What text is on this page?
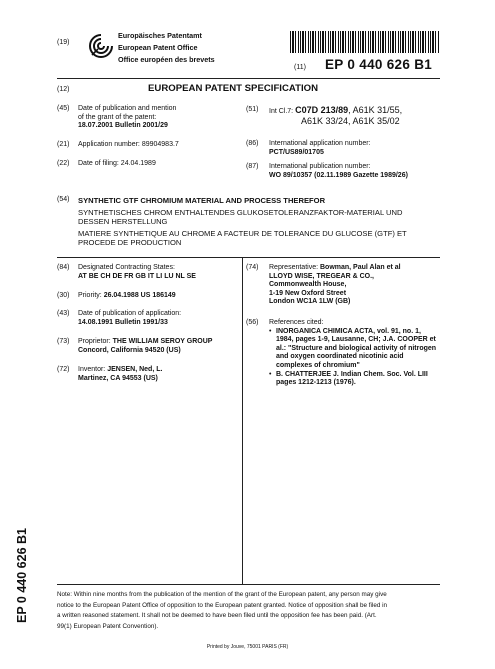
(19)
Europäisches Patentamt
European Patent Office
Office européen des brevets
(11) EP 0 440 626 B1
(12)	EUROPEAN PATENT SPECIFICATION
(45) Date of publication and mention
of the grant of the patent:
18.07.2001 Bulletin 2001/29
(21) Application number: 89904983.7
(22) Date of filing: 24.04.1989
(51) Int Cl.7: C07D 213/89, A61K 31/55,
A61K 33/24, A61K 35/02
(86) International application number:
PCT/US89/01705
(87) International publication number:
WO 89/10357 (02.11.1989 Gazette 1989/26)
(54) SYNTHETIC GTF CHROMIUM MATERIAL AND PROCESS THEREFOR
SYNTHETISCHES CHROM ENTHALTENDES GLUKOSETOLERANZFAKTOR-MATERIAL UND
DESSEN HERSTELLUNG
MATIERE SYNTHETIQUE AU CHROME A FACTEUR DE TOLERANCE DU GLUCOSE (GTF) ET
PROCEDE DE PRODUCTION
(84) Designated Contracting States:
AT BE CH DE FR GB IT LI LU NL SE
(30) Priority: 26.04.1988 US 186149
(43) Date of publication of application:
14.08.1991 Bulletin 1991/33
(73) Proprietor: THE WILLIAM SEROY GROUP
Concord, California 94520 (US)
(72) Inventor: JENSEN, Ned, L.
Martinez, CA 94553 (US)
(74) Representative: Bowman, Paul Alan et al
LLOYD WISE, TREGEAR & CO.,
Commonwealth House,
1-19 New Oxford Street
London WC1A 1LW (GB)
(56) References cited:
• INORGANICA CHIMICA ACTA, vol. 91, no. 1,
1984, pages 1-9, Lausanne, CH; J.A. COOPER et
al.: "Structure and biological activity of nitrogen
and oxygen coordinated nicotinic acid
complexes of chromium"
• B. CHATTERJEE J. Indian Chem. Soc. Vol. LIII
pages 1212-1213 (1976).
EP 0 440 626 B1	Note: Within nine months from the publication of the mention of the grant of the European patent, any person may give
notice to the European Patent Office of opposition to the European patent granted. Notice of opposition shall be filed in
a written reasoned statement. It shall not be deemed to have been filed until the opposition fee has been paid. (Art.
99(1) European Patent Convention).
Printed by Jouve, 75001 PARIS (FR)
